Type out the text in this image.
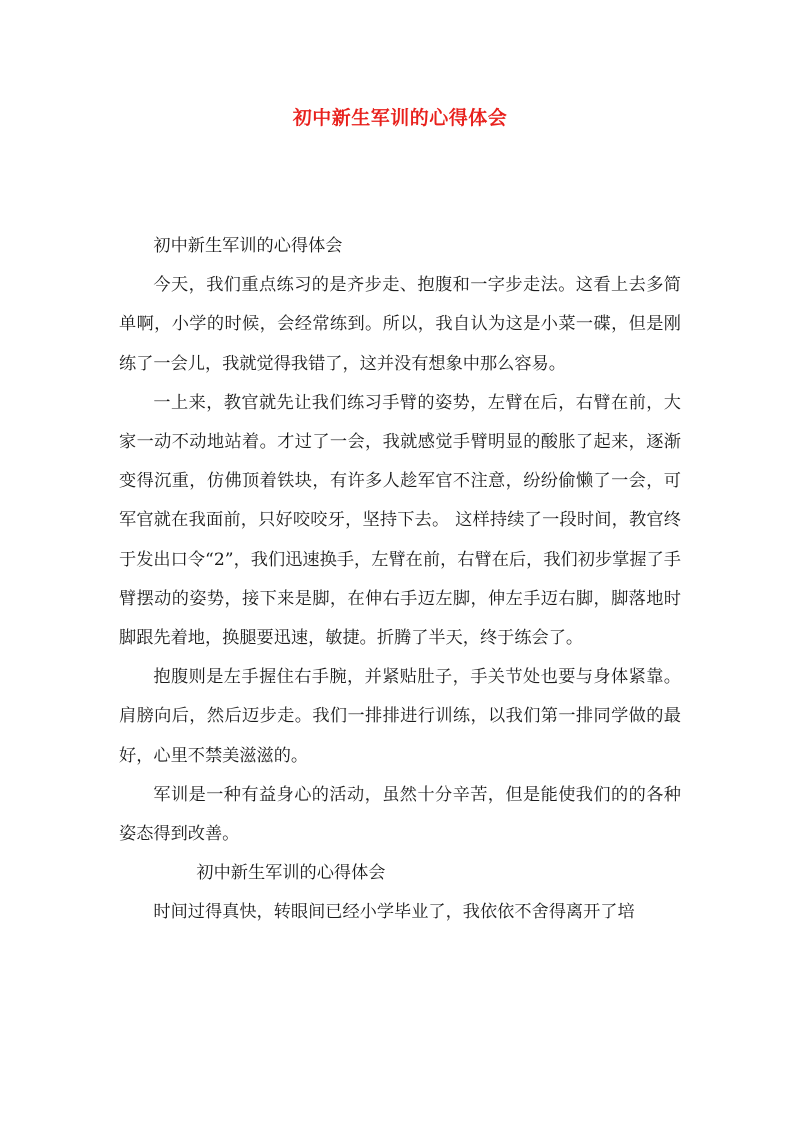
初中新生军训的心得体会

初中新生军训的心得体会

今天，我们重点练习的是齐步走、抱腹和一字步走法。这看上去多简单啊，小学的时候，会经常练到。所以，我自认为这是小菜一碟，但是刚练了一会儿，我就觉得我错了，这并没有想象中那么容易。

一上来，教官就先让我们练习手臂的姿势，左臂在后，右臂在前，大家一动不动地站着。才过了一会，我就感觉手臂明显的酸胀了起来，逐渐变得沉重，仿佛顶着铁块，有许多人趁军官不注意，纷纷偷懒了一会，可军官就在我面前，只好咬咬牙，坚持下去。 这样持续了一段时间，教官终于发出口令“2”，我们迅速换手，左臂在前，右臂在后，我们初步掌握了手臂摆动的姿势，接下来是脚，在伸右手迈左脚，伸左手迈右脚，脚落地时脚跟先着地，换腿要迅速，敏捷。折腾了半天，终于练会了。

抱腹则是左手握住右手腕，并紧贴肚子，手关节处也要与身体紧靠。肩膀向后，然后迈步走。我们一排排进行训练，以我们第一排同学做的最好，心里不禁美滋滋的。

军训是一种有益身心的活动，虽然十分辛苦，但是能使我们的的各种姿态得到改善。

初中新生军训的心得体会

时间过得真快，转眼间已经小学毕业了，我依依不舍得离开了培
